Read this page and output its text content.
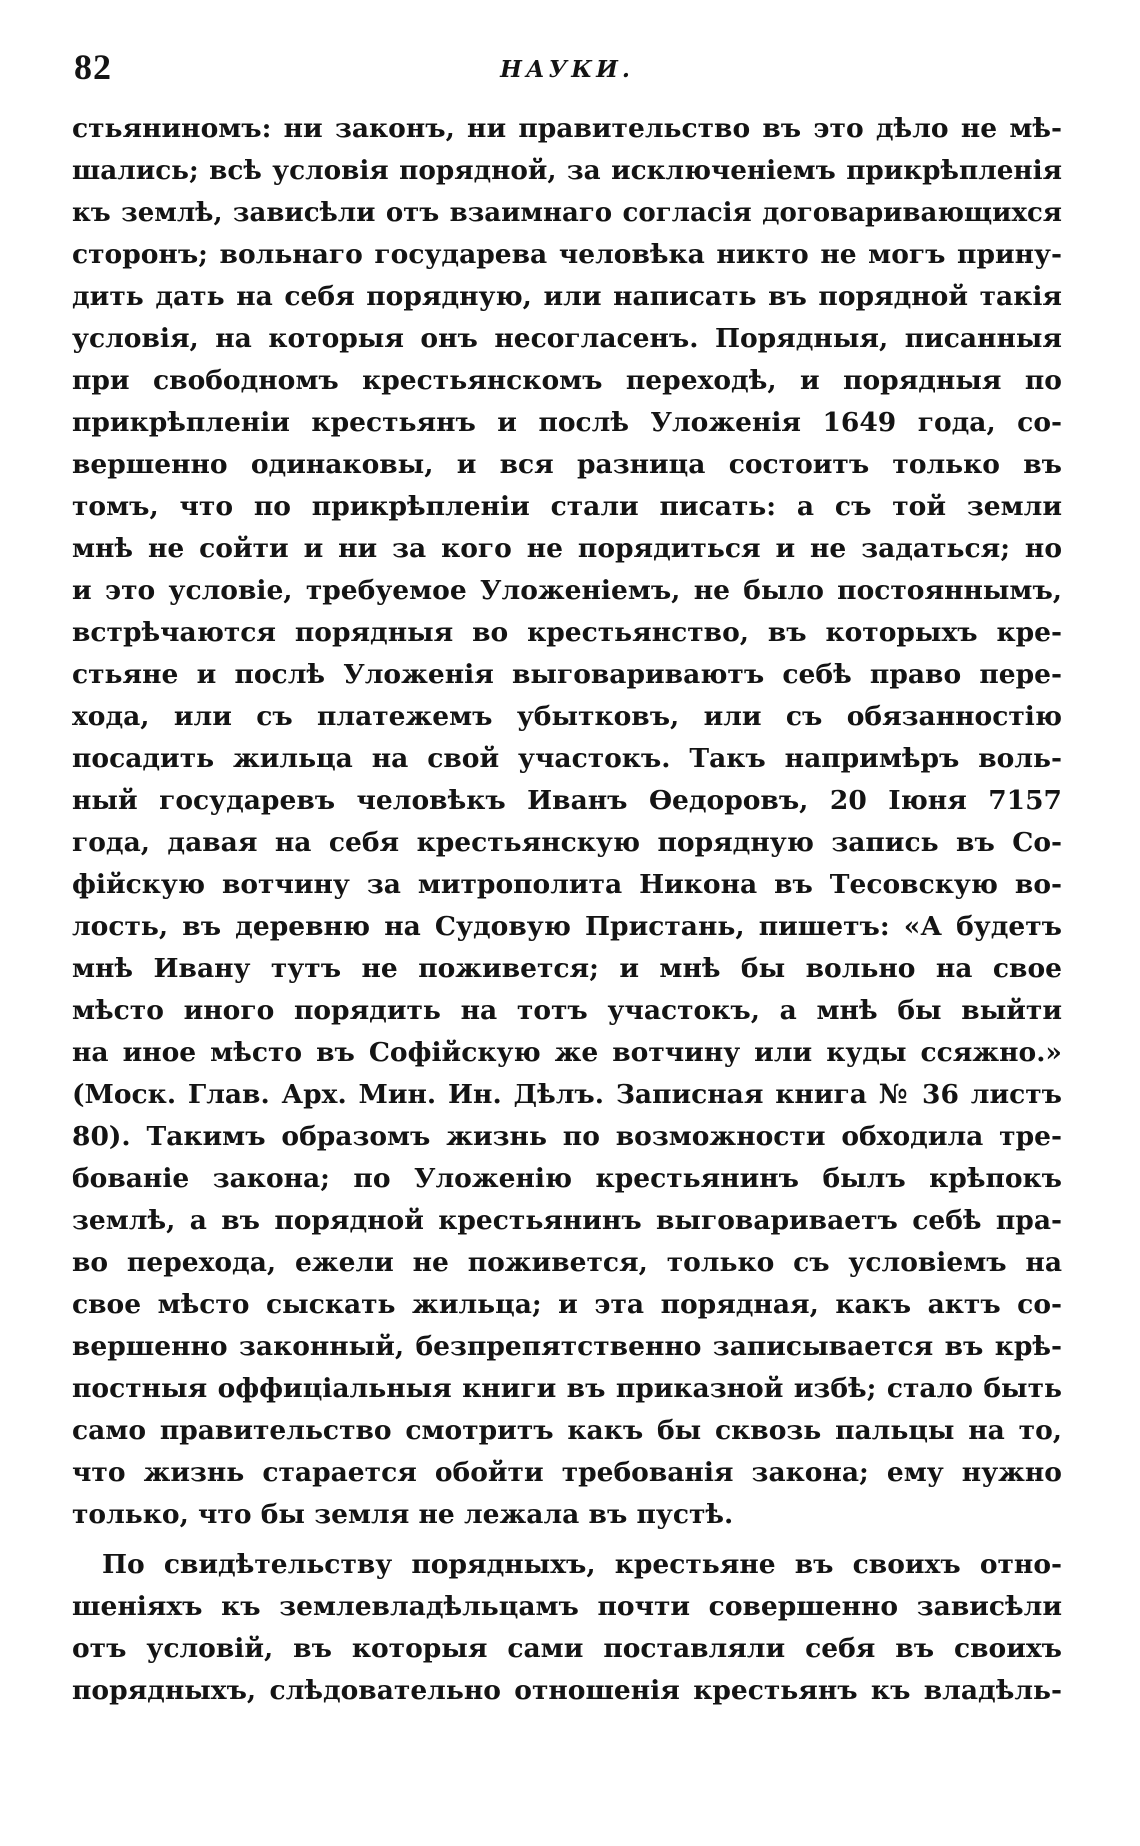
82	НАУКИ.
стьяниномъ: ни законъ, ни правительство въ это дѣло не мѣ-
шались; всѣ условія порядной, за исключеніемъ прикрѣпленія
къ землѣ, зависѣли отъ взаимнаго согласія договаривающихся
сторонъ; вольнаго государева человѣка никто не могъ прину-
дить дать на себя порядную, или написать въ порядной такія
условія, на которыя онъ несогласенъ. Порядныя, писанныя
при свободномъ крестьянскомъ переходѣ, и порядныя по
прикрѣпленіи крестьянъ и послѣ Уложенія 1649 года, со-
вершенно одинаковы, и вся разница состоитъ только въ
томъ, что по прикрѣпленіи стали писать: а съ той земли
мнѣ не сойти и ни за кого не порядиться и не задаться; но
и это условіе, требуемое Уложеніемъ, не было постояннымъ,
встрѣчаются порядныя во крестьянство, въ которыхъ кре-
стьяне и послѣ Уложенія выговариваютъ себѣ право пере-
хода, или съ платежемъ убытковъ, или съ обязанностію
посадить жильца на свой участокъ. Такъ напримѣръ воль-
ный государевъ человѣкъ Иванъ Ѳедоровъ, 20 Іюня 7157
года, давая на себя крестьянскую порядную запись въ Со-
фійскую вотчину за митрополита Никона въ Тесовскую во-
лость, въ деревню на Судовую Пристань, пишетъ: «А будетъ
мнѣ Ивану тутъ не поживется; и мнѣ бы вольно на свое
мѣсто иного порядить на тотъ участокъ, а мнѣ бы выйти
на иное мѣсто въ Софійскую же вотчину или куды ссяжно.»
(Моск. Глав. Арх. Мин. Ин. Дѣлъ. Записная книга № 36 листъ
80). Такимъ образомъ жизнь по возможности обходила тре-
бованіе закона; по Уложенію крестьянинъ былъ крѣпокъ
землѣ, а въ порядной крестьянинъ выговариваетъ себѣ пра-
во перехода, ежели не поживется, только съ условіемъ на
свое мѣсто сыскать жильца; и эта порядная, какъ актъ со-
вершенно законный, безпрепятственно записывается въ крѣ-
постныя оффиціальныя книги въ приказной избѣ; стало быть
само правительство смотритъ какъ бы сквозь пальцы на то,
что жизнь старается обойти требованія закона; ему нужно
только, что бы земля не лежала въ пустѣ.
По свидѣтельству порядныхъ, крестьяне въ своихъ отно-
шеніяхъ къ землевладѣльцамъ почти совершенно зависѣли
отъ условій, въ которыя сами поставляли себя въ своихъ
порядныхъ, слѣдовательно отношенія крестьянъ къ владѣль-
